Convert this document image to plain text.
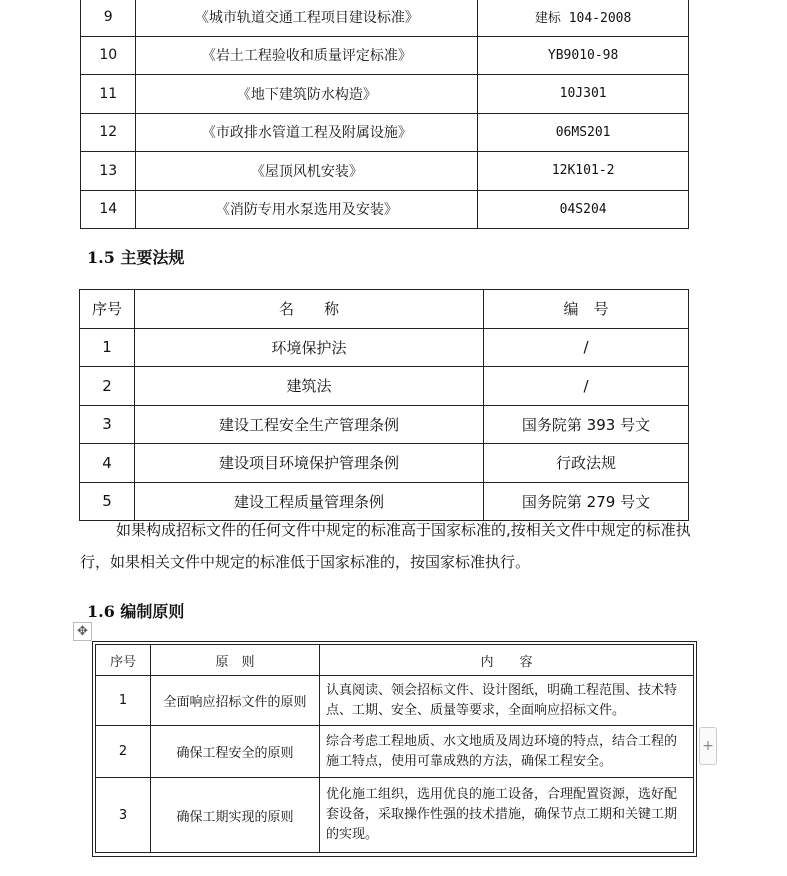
9	《城市轨道交通工程项目建设标准》	建标 104-2008
10	《岩土工程验收和质量评定标准》	YB9010-98
11	《地下建筑防水构造》	10J301
12	《市政排水管道工程及附属设施》	06MS201
13	《屋顶风机安装》	12K101-2
14	《消防专用水泵选用及安装》	04S204
1.5 主要法规
序号	名　　称	编　号
1	环境保护法	/
2	建筑法	/
3	建设工程安全生产管理条例	国务院第 393 号文
4	建设项目环境保护管理条例	行政法规
5	建设工程质量管理条例	国务院第 279 号文

如果构成招标文件的任何文件中规定的标准高于国家标准的,按相关文件中规定的标准执行，如果相关文件中规定的标准低于国家标准的，按国家标准执行。

1.6 编制原则
✥
序号	原　则	内　　容
1	全面响应招标文件的原则	认真阅读、领会招标文件、设计图纸，明确工程范围、技术特点、工期、安全、质量等要求，全面响应招标文件。
2	确保工程安全的原则	综合考虑工程地质、水文地质及周边环境的特点，结合工程的施工特点，使用可靠成熟的方法，确保工程安全。
3	确保工期实现的原则	优化施工组织，选用优良的施工设备，合理配置资源，选好配套设备，采取操作性强的技术措施，确保节点工期和关键工期的实现。
+
